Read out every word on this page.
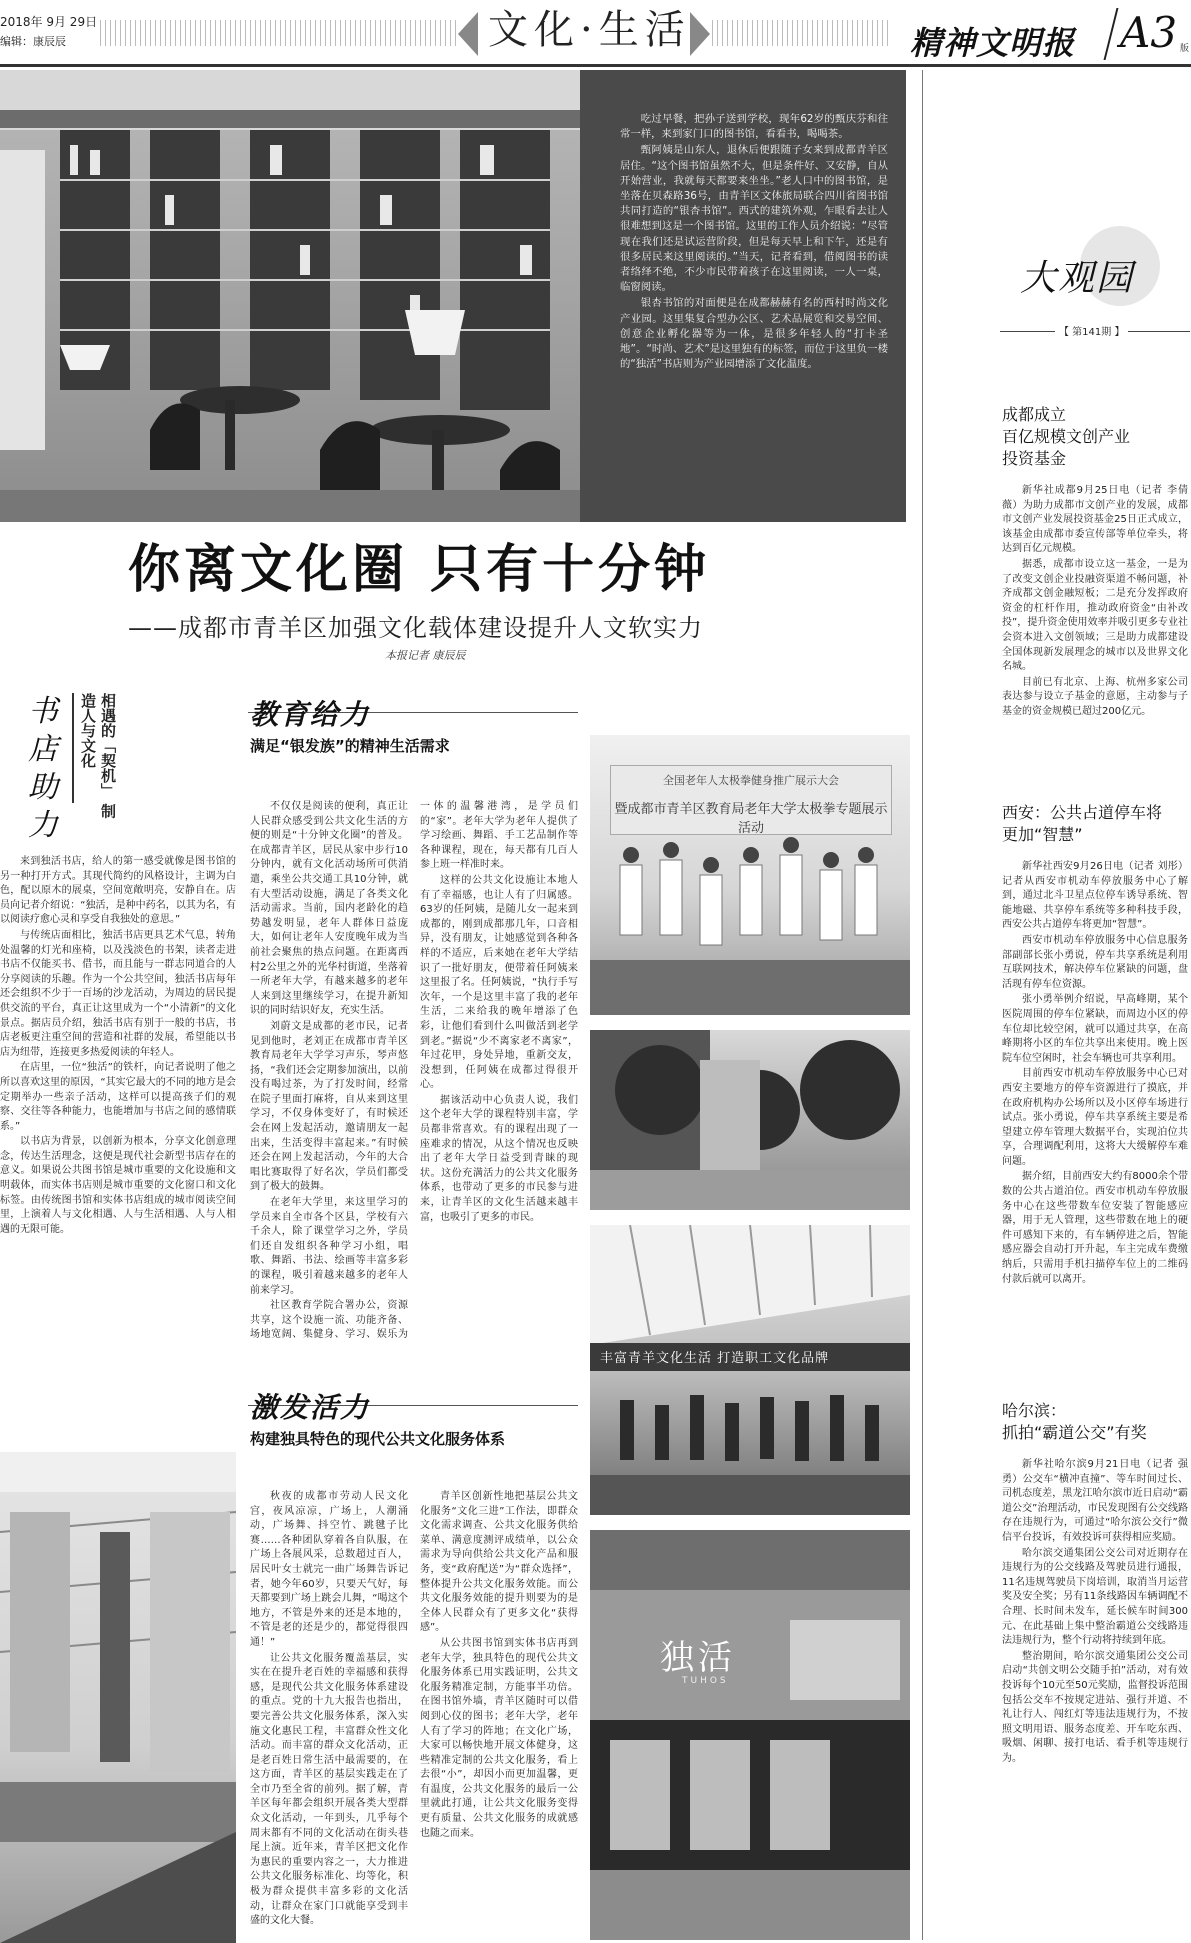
2018年 9月 29日
编辑：康辰辰	文化·生活	精神文明报 A3 版

吃过早餐，把孙子送到学校，现年62岁的甄庆芬和往常一样，来到家门口的图书馆，看看书，喝喝茶。

甄阿姨是山东人，退休后便跟随子女来到成都青羊区居住。“这个图书馆虽然不大，但是条件好、又安静，自从开始营业，我就每天都要来坐坐。”老人口中的图书馆，是坐落在贝森路36号，由青羊区文体旅局联合四川省图书馆共同打造的“银杏书馆”。西式的建筑外观，乍眼看去让人很难想到这是一个图书馆。这里的工作人员介绍说：“尽管现在我们还是试运营阶段，但是每天早上和下午，还是有很多居民来这里阅读的。”当天，记者看到，借阅图书的读者络绎不绝，不少市民带着孩子在这里阅读，一人一桌，临窗阅读。

银杏书馆的对面便是在成都赫赫有名的西村时尚文化产业园。这里集复合型办公区、艺术品展览和交易空间、创意企业孵化器等为一体，是很多年轻人的“打卡圣地”。“时尚、艺术”是这里独有的标签，而位于这里负一楼的“独活”书店则为产业园增添了文化温度。

你离文化圈 只有十分钟
——成都市青羊区加强文化载体建设提升人文软实力
本报记者 康辰辰
书店助力
相遇的「契机」 制造人与文化

来到独活书店，给人的第一感受就像是图书馆的另一种打开方式。其现代简约的风格设计，主调为白色，配以原木的展桌，空间宽敞明亮，安静自在。店员向记者介绍说：“独活，是种中药名，以其为名，有以阅读疗愈心灵和享受自我独处的意思。”

与传统店面相比，独活书店更具艺术气息，转角处温馨的灯光和座椅，以及浅淡色的书架，读者走进书店不仅能买书、借书，而且能与一群志同道合的人分享阅读的乐趣。作为一个公共空间，独活书店每年还会组织不少于一百场的沙龙活动，为周边的居民提供交流的平台，真正让这里成为一个“小清新”的文化景点。据店员介绍，独活书店有别于一般的书店，书店老板更注重空间的营造和社群的发展，希望能以书店为纽带，连接更多热爱阅读的年轻人。

在店里，一位“独活”的铁杆，向记者说明了他之所以喜欢这里的原因，“其实它最大的不同的地方是会定期举办一些亲子活动，这样可以提高孩子们的观察、交往等各种能力，也能增加与书店之间的感情联系。”

以书店为背景，以创新为根本，分享文化创意理念，传达生活理念，这便是现代社会新型书店存在的意义。如果说公共图书馆是城市重要的文化设施和文明载体，而实体书店则是城市重要的文化窗口和文化标签。由传统图书馆和实体书店组成的城市阅读空间里，上演着人与文化相遇、人与生活相遇、人与人相遇的无限可能。

教育给力
满足“银发族”的精神生活需求

不仅仅是阅读的便利，真正让人民群众感受到公共文化生活的方便的则是“十分钟文化圈”的普及。在成都青羊区，居民从家中步行10分钟内，就有文化活动场所可供消遣，乘坐公共交通工具10分钟，就有大型活动设施，满足了各类文化活动需求。当前，国内老龄化的趋势越发明显，老年人群体日益庞大，如何让老年人安度晚年成为当前社会聚焦的热点问题。在距离西村2公里之外的光华村街道，坐落着一所老年大学，有越来越多的老年人来到这里继续学习，在提升新知识的同时结识好友，充实生活。

刘蔚文是成都的老市民，记者见到他时，老刘正在成都市青羊区教育局老年大学学习声乐，琴声悠扬，“我们还会定期参加演出，以前没有喝过茶，为了打发时间，经常在院子里面打麻将，自从来到这里学习，不仅身体变好了，有时候还会在网上发起活动，邀请朋友一起出来，生活变得丰富起来。”有时候还会在网上发起活动，今年的大合唱比赛取得了好名次，学员们都受到了极大的鼓舞。

在老年大学里，来这里学习的学员来自全市各个区县，学校有六千余人，除了课堂学习之外，学员们还自发组织各种学习小组，唱歌、舞蹈、书法、绘画等丰富多彩的课程，吸引着越来越多的老年人前来学习。

社区教育学院合署办公，资源共享，这个设施一流、功能齐备、场地宽阔、集健身、学习、娱乐为一体的温馨港湾，是学员们的“家”。老年大学为老年人提供了学习绘画、舞蹈、手工艺品制作等各种课程，现在，每天都有几百人参上班一样准时来。

这样的公共文化设施让本地人有了幸福感，也让人有了归属感。63岁的任阿姨，是随儿女一起来到成都的，刚到成都那几年，口音相异，没有朋友，让她感觉到各种各样的不适应，后来她在老年大学结识了一批好朋友，便带着任阿姨来这里报了名。任阿姨说，“执行手写次年，一个是这里丰富了我的老年生活，二来给我的晚年增添了色彩，让他们看到什么叫做活到老学到老。”据说“少不离家老不离家”，年过花甲，身处异地，重新交友，没想到，任阿姨在成都过得很开心。

据该活动中心负责人说，我们这个老年大学的课程特别丰富，学员都非常喜欢。有的课程出现了一座难求的情况，从这个情况也反映出了老年大学日益受到青睐的现状。这份充满活力的公共文化服务体系，也带动了更多的市民参与进来，让青羊区的文化生活越来越丰富，也吸引了更多的市民。

激发活力
构建独具特色的现代公共文化服务体系

秋夜的成都市劳动人民文化宫，夜风凉凉，广场上，人潮涌动，广场舞、抖空竹、跳毽子比赛……各种团队穿着各自队服，在广场上各展风采，总数超过百人，居民叶女士就完一曲广场舞告诉记者，她今年60岁，只要天气好，每天都要到广场上跳会儿舞，“喝这个地方，不管是外来的还是本地的，不管是老的还是少的，都觉得很四通！”

让公共文化服务覆盖基层，实实在在提升老百姓的幸福感和获得感，是现代公共文化服务体系建设的重点。党的十九大报告也指出，要完善公共文化服务体系，深入实施文化惠民工程，丰富群众性文化活动。而丰富的群众文化活动，正是老百姓日常生活中最需要的，在这方面，青羊区的基层实践走在了全市乃至全省的前列。据了解，青羊区每年都会组织开展各类大型群众文化活动，一年到头，几乎每个周末都有不同的文化活动在街头巷尾上演。近年来，青羊区把文化作为惠民的重要内容之一，大力推进公共文化服务标准化、均等化，积极为群众提供丰富多彩的文化活动，让群众在家门口就能享受到丰盛的文化大餐。

青羊区创新性地把基层公共文化服务“文化三进”工作法，即群众文化需求调查、公共文化服务供给菜单、满意度测评成绩单，以公众需求为导向供给公共文化产品和服务，变“政府配送”为“群众选择”，整体提升公共文化服务效能。而公共文化服务效能的提升则要为的是全体人民群众有了更多文化“获得感”。

从公共图书馆到实体书店再到老年大学，独具特色的现代公共文化服务体系已用实践证明，公共文化服务精准定制，方能事半功倍。在图书馆外墙，青羊区随时可以借阅到心仪的图书；老年大学，老年人有了学习的阵地；在文化广场，大家可以畅快地开展文体健身，这些精准定制的公共文化服务，看上去很“小”，却因小而更加温馨，更有温度，公共文化服务的最后一公里就此打通，让公共文化服务变得更有质量、公共文化服务的成就感也随之而来。

全国老年人太极拳健身推广展示大会
暨成都市青羊区教育局老年大学太极拳专题展示活动
丰富青羊文化生活 打造职工文化品牌
独活
TUHOS
大观园
【 第141期 】
成都成立
百亿规模文创产业
投资基金

新华社成都9月25日电（记者 李倩薇）为助力成都市文创产业的发展，成都市文创产业发展投资基金25日正式成立，该基金由成都市委宣传部等单位牵头，将达到百亿元规模。

据悉，成都市设立这一基金，一是为了改变文创企业投融资渠道不畅问题，补齐成都文创金融短板；二是充分发挥政府资金的杠杆作用，推动政府资金“由补改投”，提升资金使用效率并吸引更多专业社会资本进入文创领域；三是助力成都建设全国体现新发展理念的城市以及世界文化名城。

目前已有北京、上海、杭州多家公司表达参与设立子基金的意愿，主动参与子基金的资金规模已超过200亿元。

西安：公共占道停车将
更加“智慧”

新华社西安9月26日电（记者 刘彤）记者从西安市机动车停放服务中心了解到，通过北斗卫星点位停车诱导系统、智能地磁、共享停车系统等多种科技手段，西安公共占道停车将更加“智慧”。

西安市机动车停放服务中心信息服务部副部长张小勇说，停车共享系统是利用互联网技术，解决停车位紧缺的问题，盘活现有停车位资源。

张小勇举例介绍说，早高峰期，某个医院周围的停车位紧缺，而周边小区的停车位却比较空闲，就可以通过共享，在高峰期将小区的车位共享出来使用。晚上医院车位空闲时，社会车辆也可共享利用。

目前西安市机动车停放服务中心已对西安主要地方的停车资源进行了摸底，并在政府机构办公场所以及小区停车场进行试点。张小勇说，停车共享系统主要是希望建立停车管理大数据平台，实现泊位共享，合理调配利用，这将大大缓解停车难问题。

据介绍，目前西安大约有8000余个带数的公共占道泊位。西安市机动车停放服务中心在这些带数车位安装了智能感应器，用于无人管理，这些带数在地上的硬件可感知下来的，有车辆停进之后，智能感应器会自动打开升起，车主完成车费缴纳后，只需用手机扫描停车位上的二维码付款后就可以离开。

哈尔滨：
抓拍“霸道公交”有奖

新华社哈尔滨9月21日电（记者 强勇）公交车“横冲直撞”、等车时间过长、司机态度差，黑龙江哈尔滨市近日启动“霸道公交”治理活动，市民发现图有公交线路存在违规行为，可通过“哈尔滨公交行”微信平台投诉，有效投诉可获得相应奖励。

哈尔滨交通集团公交公司对近期存在违规行为的公交线路及驾驶员进行通报，11名违规驾驶员下岗培训，取消当月运营奖及安全奖；另有11条线路因车辆调配不合理、长时间未发车，延长候车时间300元、在此基础上集中整治霸道公交线路违法违规行为，整个行动将持续到年底。

整治期间，哈尔滨交通集团公交公司启动“共创文明公交随手拍”活动，对有效投诉每个10元至50元奖励，监督投诉范围包括公交车不按规定进站、强行并道、不礼让行人、闯红灯等违法违规行为，不按照文明用语、服务态度差、开车吃东西、吸烟、闲聊、接打电话、看手机等违规行为。
